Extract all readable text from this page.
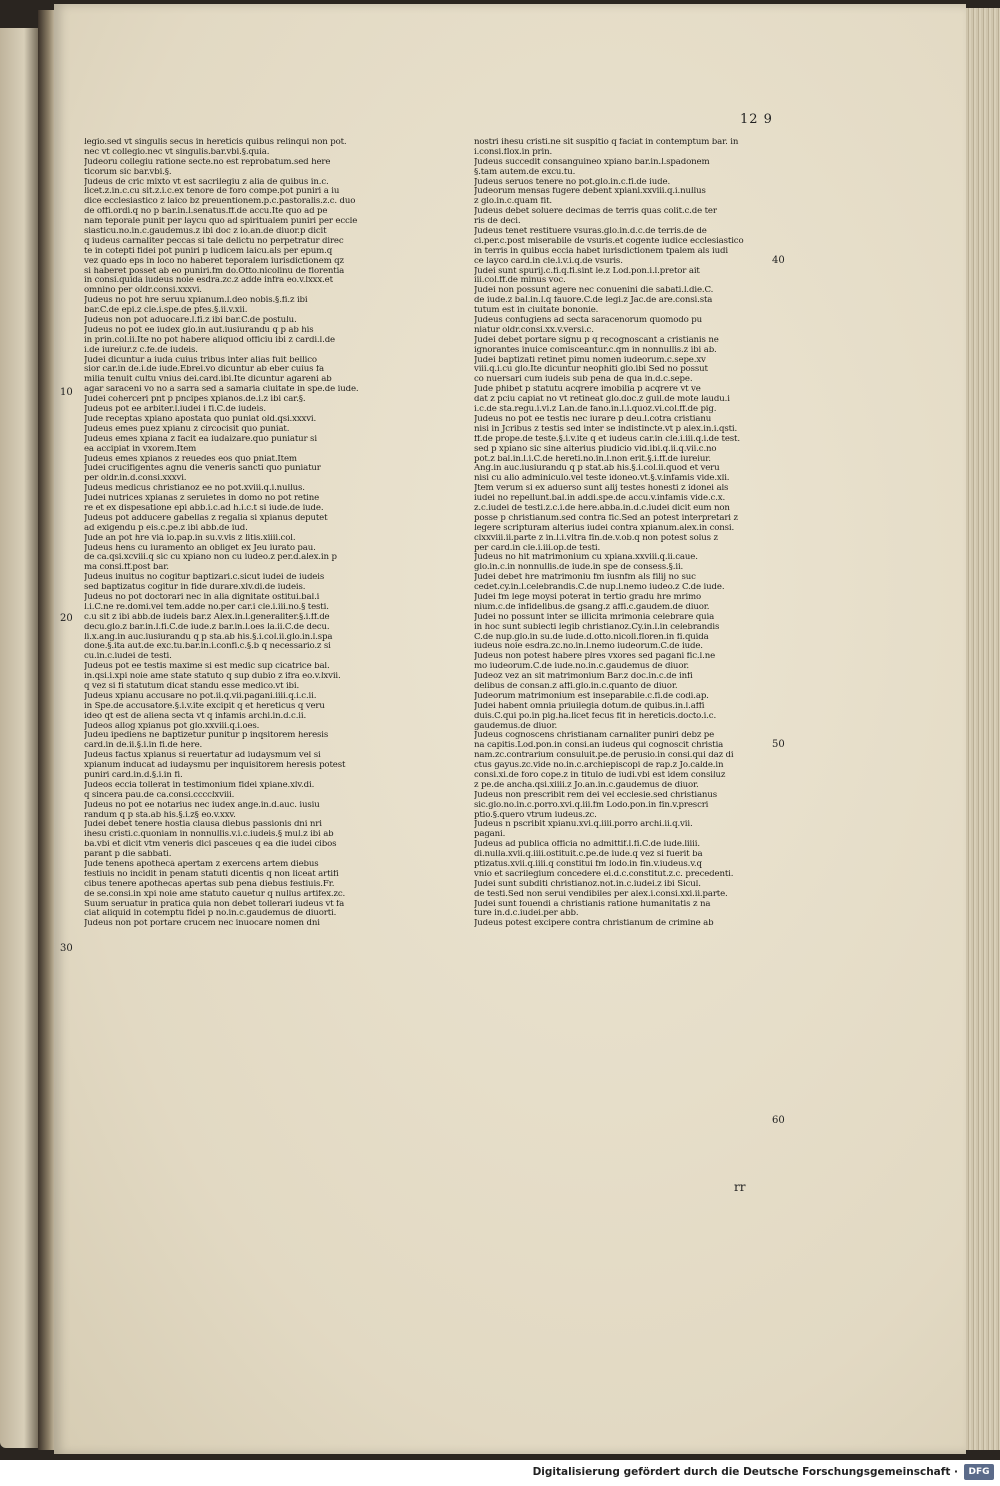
12 9
legio.sed vt singulis secus in hereticis quibus relinqui non pot.
nec vt collegio.nec vt singulis.bar.vbi.§.quia.
Judeoru collegiu ratione secte.no est reprobatum.sed here
ticorum sic bar.vbi.§.
Judeus de cric mixto vt est sacrilegiu z alia de quibus in.c.
licet.z.in.c.cu sit.z.i.c.ex tenore de foro compe.pot puniri a iu
dice ecclesiastico z laico bz preuentionem.p.c.pastoralis.z.c. duo
de offi.ordi.q no p bar.in.l.senatus.ff.de accu.Ite quo ad pe
nam teporale punit per laycu quo ad spiritualem puniri per eccle
siasticu.no.in.c.gaudemus.z ibi doc z io.an.de diuor.p dicit
q iudeus carnaliter peccas si tale delictu no perpetratur direc
te in cotepti fidei pot puniri p iudicem laicu.als per epum.q
vez quado eps in loco no haberet teporalem iurisdictionem qz
si haberet posset ab eo puniri.fm do.Otto.nicolinu de florentia
in consi.quida iudeus noie esdra.zc.z adde infra eo.v.lxxx.et
omnino per oldr.consi.xxxvi.
Judeus no pot hre seruu xpianum.l.deo nobis.§.fi.z ibi
bar.C.de epi.z cle.i.spe.de pfes.§.ii.v.xii.
Judeus non pot aduocare.l.fi.z ibi bar.C.de postulu.
Judeus no pot ee iudex glo.in aut.iusiurandu q p ab his
in prin.col.ii.Ite no pot habere aliquod officiu ibi z cardi.l.de
i.de iureiur.z c.fe.de iudeis.
Judei dicuntur a iuda cuius tribus inter alias fuit bellico
sior car.in de.i.de iude.Ebrei.vo dicuntur ab eber cuius fa
milia tenuit cultu vnius dei.card.ibi.Ite dicuntur agareni ab
agar saraceni vo no a sarra sed a samaria ciuitate in spe.de iude.
Judei coherceri pnt p pncipes xpianos.de.i.z ibi car.§.
Judeus pot ee arbiter.l.iudei i fi.C.de iudeis.
Jude receptas xpiano apostata quo puniat old.qsi.xxxvi.
Judeus emes puez xpianu z circocisit quo puniat.
Judeus emes xpiana z facit ea iudaizare.quo puniatur si
ea accipiat in vxorem.Item
Judeus emes xpianos z reuedes eos quo pniat.Item
Judei crucifigentes agnu die veneris sancti quo puniatur
per oldr.in.d.consi.xxxvi.
Judeus medicus christianoz ee no pot.xviii.q.i.nullus.
Judei nutrices xpianas z seruietes in domo no pot retine
re et ex dispesatione epi abb.i.c.ad h.i.c.t si iude.de iude.
Judeus pot adducere gabellas z regalia si xpianus deputet
ad exigendu p eis.c.pe.z ibi abb.de iud.
Jude an pot hre viā io.pap.in su.v.vis z litis.xiiii.col.
Judeus hens cu iuramento an obliget ex Jeu iurato pau.
de ca.qsi.xcviii.q sic cu xpiano non cu iudeo.z per.d.alex.in p
ma consi.ff.post bar.
Judeus inuitus no cogitur baptizari.c.sicut iudei de iudeis
sed baptizatus cogitur in fide durare.xlv.di.de iudeis.
Judeus no pot doctorari nec in alia dignitate ostitui.bal.i
l.i.C.ne re.domi.vel tem.adde no.per car.i cle.i.iii.no.§ testi.
c.u sit z ibi abb.de iudeis bar.z Alex.in.l.generaliter.§.i.ff.de
decu.glo.z bar.in.l.fi.C.de iude.z bar.in.l.oes la.ii.C.de decu.
li.x.ang.in auc.iusiurandu q p sta.ab his.§.i.col.ii.glo.in.l.spa
done.§.ita aut.de exc.tu.bar.in.i.confi.c.§.b q necessario.z si
cu.in.c.iudei de testi.
Judeus pot ee testis maxime si est medic sup cicatrice bal.
in.qsi.i.xpi noie ame state statuto q sup dubio z ifra eo.v.lxvii.
q vez si fi statutum dicat standu esse medico.vt ibi.
Judeus xpianu accusare no pot.ii.q.vii.pagani.iiii.q.i.c.ii.
in Spe.de accusatore.§.i.v.ite excipit q et hereticus q veru
ideo qt est de aliena secta vt q infamis archi.in.d.c.ii.
Judeos allog xpianus pot glo.xxviii.q.i.oes.
Judeu ipediens ne baptizetur punitur p inqsitorem heresis
card.in de.ii.§.i.in fi.de here.
Judeus factus xpianus si reuertatur ad iudaysmum vel si
xpianum inducat ad iudaysmu per inquisitorem heresis potest
puniri card.in.d.§.i.in fi.
Judeos eccia tollerat in testimonium fidei xpiane.xlv.di.
q sincera pau.de ca.consi.cccclxviii.
Judeus no pot ee notarius nec iudex ange.in.d.auc. iusiu
randum q p sta.ab his.§.i.z§ eo.v.xxv.
Judei debet tenere hostia clausa diebus passionis dni nri
ihesu cristi.c.quoniam in nonnullis.v.i.c.iudeis.§ mul.z ibi ab
ba.vbi et dicit vtm veneris dici pasceues q ea die iudei cibos
parant p die sabbati.
Jude tenens apothecā apertam z exercens artem diebus
festiuis no incidit in penam statuti dicentis q non liceat artifi
cibus tenere apothecas apertas sub pena diebus festiuis.Fr.
de se.consi.in xpi noie ame statuto cauetur q nullus artifex.zc.
Suum seruatur in pratica quia non debet tollerari iudeus vt fa
ciat aliquid in cotemptu fidei p no.in.c.gaudemus de diuorti.
Judeus non pot portare crucem nec inuocare nomen dni
nostri ihesu cristi.ne sit suspitio q faciat in contemptum bar. in
i.consi.flox.in prin.
Judeus succedit consanguineo xpiano bar.in.l.spadonem
§.tam autem.de excu.tu.
Judeus seruos tenere no pot.glo.in.c.fi.de iude.
Judeorum mensas fugere debent xpiani.xxviii.q.i.nullus
z glo.in.c.quam fit.
Judeus debet soluere decimas de terris quas colit.c.de ter
ris de deci.
Judeus tenet restituere vsuras.glo.in.d.c.de terris.de de
ci.per.c.post miserabile de vsuris.et cogente iudice ecclesiastico
in terris in quibus eccia habet iurisdictionem tpalem als iudi
ce layco card.in cle.i.v.i.q.de vsuris.
Judei sunt spurij.c.fi.q.fi.sint le.z Lod.pon.i.l.pretor ait
iii.col.ff.de minus voc.
Judei non possunt agere nec conuenini die sabati.l.die.C.
de iude.z bal.in.l.q fauore.C.de legi.z Jac.de are.consi.sta
tutum est in ciuitate bononie.
Judeus confugiens ad secta saracenorum quomodo pu
niatur oldr.consi.xx.v.versi.c.
Judei debet portare signu p q recognoscant a cristianis ne
ignorantes inuice comisceantur.c.qm in nonnullis.z ibi ab.
Judei baptizati retinet pimu nomen iudeorum.c.sepe.xv
viii.q.i.cu glo.Ite dicuntur neophiti glo.ibi Sed no possut
co nuersari cum iudeis sub pena de qua in.d.c.sepe.
Jude phibet p statutu acqrere imobilia p acqrere vt ve
dat z pciu capiat no vt retineat glo.doc.z guil.de mote laudu.i
i.c.de sta.regu.i.vi.z Lan.de fano.in.l.i.quoz.vi.col.ff.de pig.
Judeus no pot ee testis nec iurare p deu.l.cotra cristianu
nisi in Jcribus z testis sed inter se indistincte.vt p alex.in.i.qsti.
ff.de prope.de teste.§.i.v.ite q et iudeus car.in cle.i.iii.q.i.de test.
sed p xpiano sic sine alterius piudicio vid.ibi.q.ii.q.vii.c.no
pot.z bal.in.l.i.C.de hereti.no.in.l.non erit.§.i.ff.de iureiur.
Ang.in auc.iusiurandu q p stat.ab his.§.i.col.ii.quod et veru
nisi cu alio adminiculo.vel teste idoneo.vt.§.v.infamis vide.xli.
Jtem verum si ex aduerso sunt alij testes honesti z idonei als
iudei no repellunt.bal.in addi.spe.de accu.v.infamis vide.c.x.
z.c.iudei de testi.z.c.i.de here.abba.in.d.c.iudei dicit eum non
posse p christianum.sed contra fic.Sed an potest interpretari z
legere scripturam alterius iudei contra xpianum.alex.in consi.
clxxviii.ii.parte z in.l.i.vltra fin.de.v.ob.q non potest solus z
per card.in cle.i.iii.op.de testi.
Judeus no hit matrimonium cu xpiana.xxviii.q.ii.caue.
glo.in.c.in nonnullis.de iude.in spe de consess.§.ii.
Judei debet hre matrimoniu fm iusnfm als filij no suc
cedet.cy.in.l.celebrandis.C.de nup.l.nemo iudeo.z C.de iude.
Judei fm lege moysi poterat in tertio gradu hre mrimo
nium.c.de infidelibus.de gsang.z affi.c.gaudem.de diuor.
Judei no possunt inter se illicita mrimonia celebrare quia
in hoc sunt subiecti legib christianoz.Cy.in.l.in celebrandis
C.de nup.glo.in su.de iude.d.otto.nicoli.floren.in fi.quida
iudeus noie esdra.zc.no.in.l.nemo iudeorum.C.de iude.
Judeus non potest habere plres vxores sed pagani fic.l.ne
mo iudeorum.C.de iude.no.in.c.gaudemus de diuor.
Judeoz vez an sit matrimonium Bar.z doc.in.c.de infi
delibus de consan.z affi.glo.in.c.quanto de diuor.
Judeorum matrimonium est inseparabile.c.fi.de codi.ap.
Judei habent omnia priuilegia dotum.de quibus.in.l.affi
duis.C.qui po.in pig.ha.licet fecus fit in hereticis.docto.i.c.
gaudemus.de diuor.
Judeus cognoscens christianam carnaliter puniri debz pe
na capitis.Lod.pon.in consi.an iudeus qui cognoscit christia
nam.zc.contrarium consuluit.pe.de perusio.in consi.qui daz di
ctus gayus.zc.vide no.in.c.archiepiscopi de rap.z Jo.calde.in
consi.xi.de foro cope.z in titulo de iudi.vbi est idem consiluz
z pe.de ancha.qsi.xiiii.z Jo.an.in.c.gaudemus de diuor.
Judeus non prescribit rem dei vel ecclesie.sed christianus
sic.glo.no.in.c.porro.xvi.q.iii.fm Lodo.pon.in fin.v.prescri
ptio.§.quero vtrum iudeus.zc.
Judeus n pscribit xpianu.xvi.q.iiii.porro archi.ii.q.vii.
pagani.
Judeus ad publica officia no admittif.l.fi.C.de iude.liiii.
di.nulla.xvii.q.iiii.ostituit.c.pe.de iude.q vez si fuerit ba
ptizatus.xvii.q.iiii.q constitui fm lodo.in fin.v.iudeus.v.q
vnio et sacrilegium concedere ei.d.c.constitut.z.c. precedenti.
Judei sunt subditi christianoz.not.in.c.iudei.z ibi Sicul.
de testi.Sed non serui vendibiles per alex.i.consi.xxi.ii.parte.
Judei sunt fouendi a christianis ratione humanitatis z na
ture in.d.c.iudei.per abb.
Judeus potest excipere contra christianum de crimine ab
10
20
30
40
50
60
rr
Digitalisierung gefördert durch die Deutsche Forschungsgemeinschaft ·	DFG
